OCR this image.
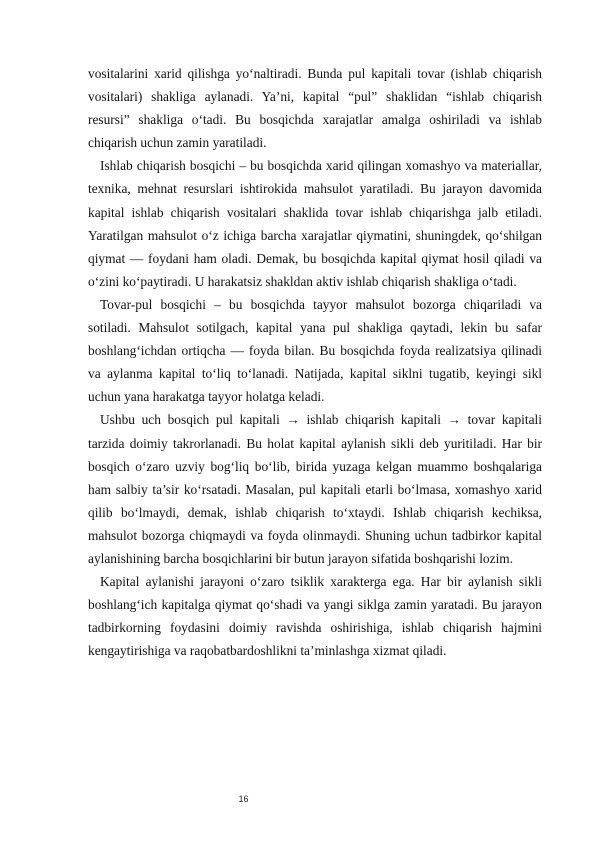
vositalarini xarid qilishga yo‘naltiradi. Bunda pul kapitali tovar (ishlab chiqarish vositalari) shakliga aylanadi. Ya’ni, kapital “pul” shaklidan “ishlab chiqarish resursi” shakliga o‘tadi. Bu bosqichda xarajatlar amalga oshiriladi va ishlab chiqarish uchun zamin yaratiladi.

Ishlab chiqarish bosqichi – bu bosqichda xarid qilingan xomashyo va materiallar, texnika, mehnat resurslari ishtirokida mahsulot yaratiladi. Bu jarayon davomida kapital ishlab chiqarish vositalari shaklida tovar ishlab chiqarishga jalb etiladi. Yaratilgan mahsulot o‘z ichiga barcha xarajatlar qiymatini, shuningdek, qo‘shilgan qiymat — foydani ham oladi. Demak, bu bosqichda kapital qiymat hosil qiladi va o‘zini ko‘paytiradi. U harakatsiz shakldan aktiv ishlab chiqarish shakliga o‘tadi.

Tovar-pul bosqichi – bu bosqichda tayyor mahsulot bozorga chiqariladi va sotiladi. Mahsulot sotilgach, kapital yana pul shakliga qaytadi, lekin bu safar boshlang‘ichdan ortiqcha — foyda bilan. Bu bosqichda foyda realizatsiya qilinadi va aylanma kapital to‘liq to‘lanadi. Natijada, kapital siklni tugatib, keyingi sikl uchun yana harakatga tayyor holatga keladi.

Ushbu uch bosqich pul kapitali → ishlab chiqarish kapitali → tovar kapitali tarzida doimiy takrorlanadi. Bu holat kapital aylanish sikli deb yuritiladi. Har bir bosqich o‘zaro uzviy bog‘liq bo‘lib, birida yuzaga kelgan muammo boshqalariga ham salbiy ta’sir ko‘rsatadi. Masalan, pul kapitali etarli bo‘lmasa, xomashyo xarid qilib bo‘lmaydi, demak, ishlab chiqarish to‘xtaydi. Ishlab chiqarish kechiksa, mahsulot bozorga chiqmaydi va foyda olinmaydi. Shuning uchun tadbirkor kapital aylanishining barcha bosqichlarini bir butun jarayon sifatida boshqarishi lozim.

Kapital aylanishi jarayoni o‘zaro tsiklik xarakterga ega. Har bir aylanish sikli boshlang‘ich kapitalga qiymat qo‘shadi va yangi siklga zamin yaratadi. Bu jarayon tadbirkorning foydasini doimiy ravishda oshirishiga, ishlab chiqarish hajmini kengaytirishiga va raqobatbardoshlikni ta’minlashga xizmat qiladi.

16
